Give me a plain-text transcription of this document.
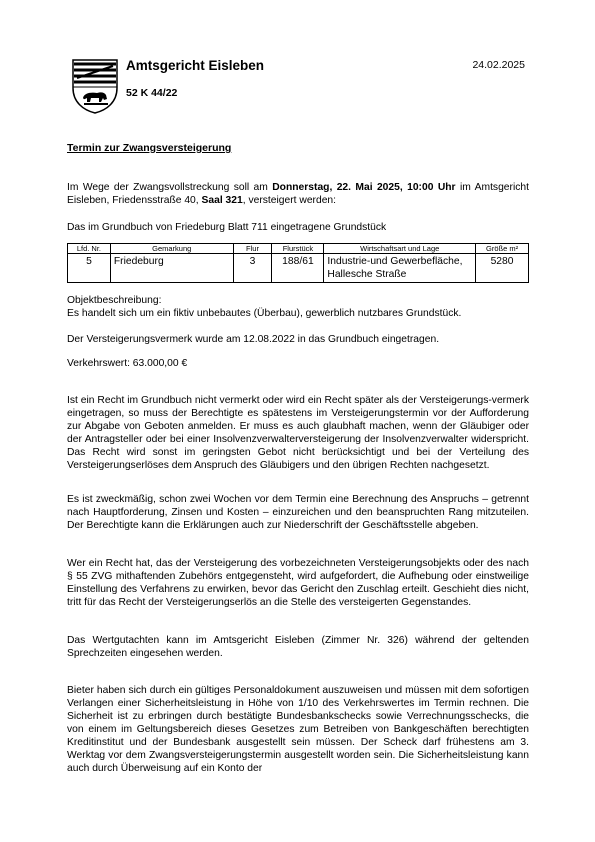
Amtsgericht Eisleben
52 K 44/22
24.02.2025
Termin zur Zwangsversteigerung
Im Wege der Zwangsvollstreckung soll am Donnerstag, 22. Mai 2025, 10:00 Uhr im Amtsgericht Eisleben, Friedensstraße 40, Saal 321, versteigert werden:
Das im Grundbuch von Friedeburg Blatt 711 eingetragene Grundstück
Lfd. Nr.	Gemarkung	Flur	Flurstück	Wirtschaftsart und Lage	Größe m²
5	Friedeburg	3	188/61	Industrie-und Gewerbefläche, Hallesche Straße	5280
Objektbeschreibung:
Es handelt sich um ein fiktiv unbebautes (Überbau), gewerblich nutzbares Grundstück.
Der Versteigerungsvermerk wurde am 12.08.2022 in das Grundbuch eingetragen.
Verkehrswert: 63.000,00 €
Ist ein Recht im Grundbuch nicht vermerkt oder wird ein Recht später als der Versteigerungs-vermerk eingetragen, so muss der Berechtigte es spätestens im Versteigerungstermin vor der Aufforderung zur Abgabe von Geboten anmelden. Er muss es auch glaubhaft machen, wenn der Gläubiger oder der Antragsteller oder bei einer Insolvenzverwalterversteigerung der Insolvenzverwalter widerspricht. Das Recht wird sonst im geringsten Gebot nicht berücksichtigt und bei der Verteilung des Versteigerungserlöses dem Anspruch des Gläubigers und den übrigen Rechten nachgesetzt.
Es ist zweckmäßig, schon zwei Wochen vor dem Termin eine Berechnung des Anspruchs – getrennt nach Hauptforderung, Zinsen und Kosten – einzureichen und den beanspruchten Rang mitzuteilen. Der Berechtigte kann die Erklärungen auch zur Niederschrift der Geschäftsstelle abgeben.
Wer ein Recht hat, das der Versteigerung des vorbezeichneten Versteigerungsobjekts oder des nach § 55 ZVG mithaftenden Zubehörs entgegensteht, wird aufgefordert, die Aufhebung oder einstweilige Einstellung des Verfahrens zu erwirken, bevor das Gericht den Zuschlag erteilt. Geschieht dies nicht, tritt für das Recht der Versteigerungserlös an die Stelle des versteigerten Gegenstandes.
Das Wertgutachten kann im Amtsgericht Eisleben (Zimmer Nr. 326) während der geltenden Sprechzeiten eingesehen werden.
Bieter haben sich durch ein gültiges Personaldokument auszuweisen und müssen mit dem sofortigen Verlangen einer Sicherheitsleistung in Höhe von 1/10 des Verkehrswertes im Termin rechnen. Die Sicherheit ist zu erbringen durch bestätigte Bundesbankschecks sowie Verrechnungsschecks, die von einem im Geltungsbereich dieses Gesetzes zum Betreiben von Bankgeschäften berechtigten Kreditinstitut und der Bundesbank ausgestellt sein müssen. Der Scheck darf frühestens am 3. Werktag vor dem Zwangsversteigerungstermin ausgestellt worden sein. Die Sicherheitsleistung kann auch durch Überweisung auf ein Konto der
